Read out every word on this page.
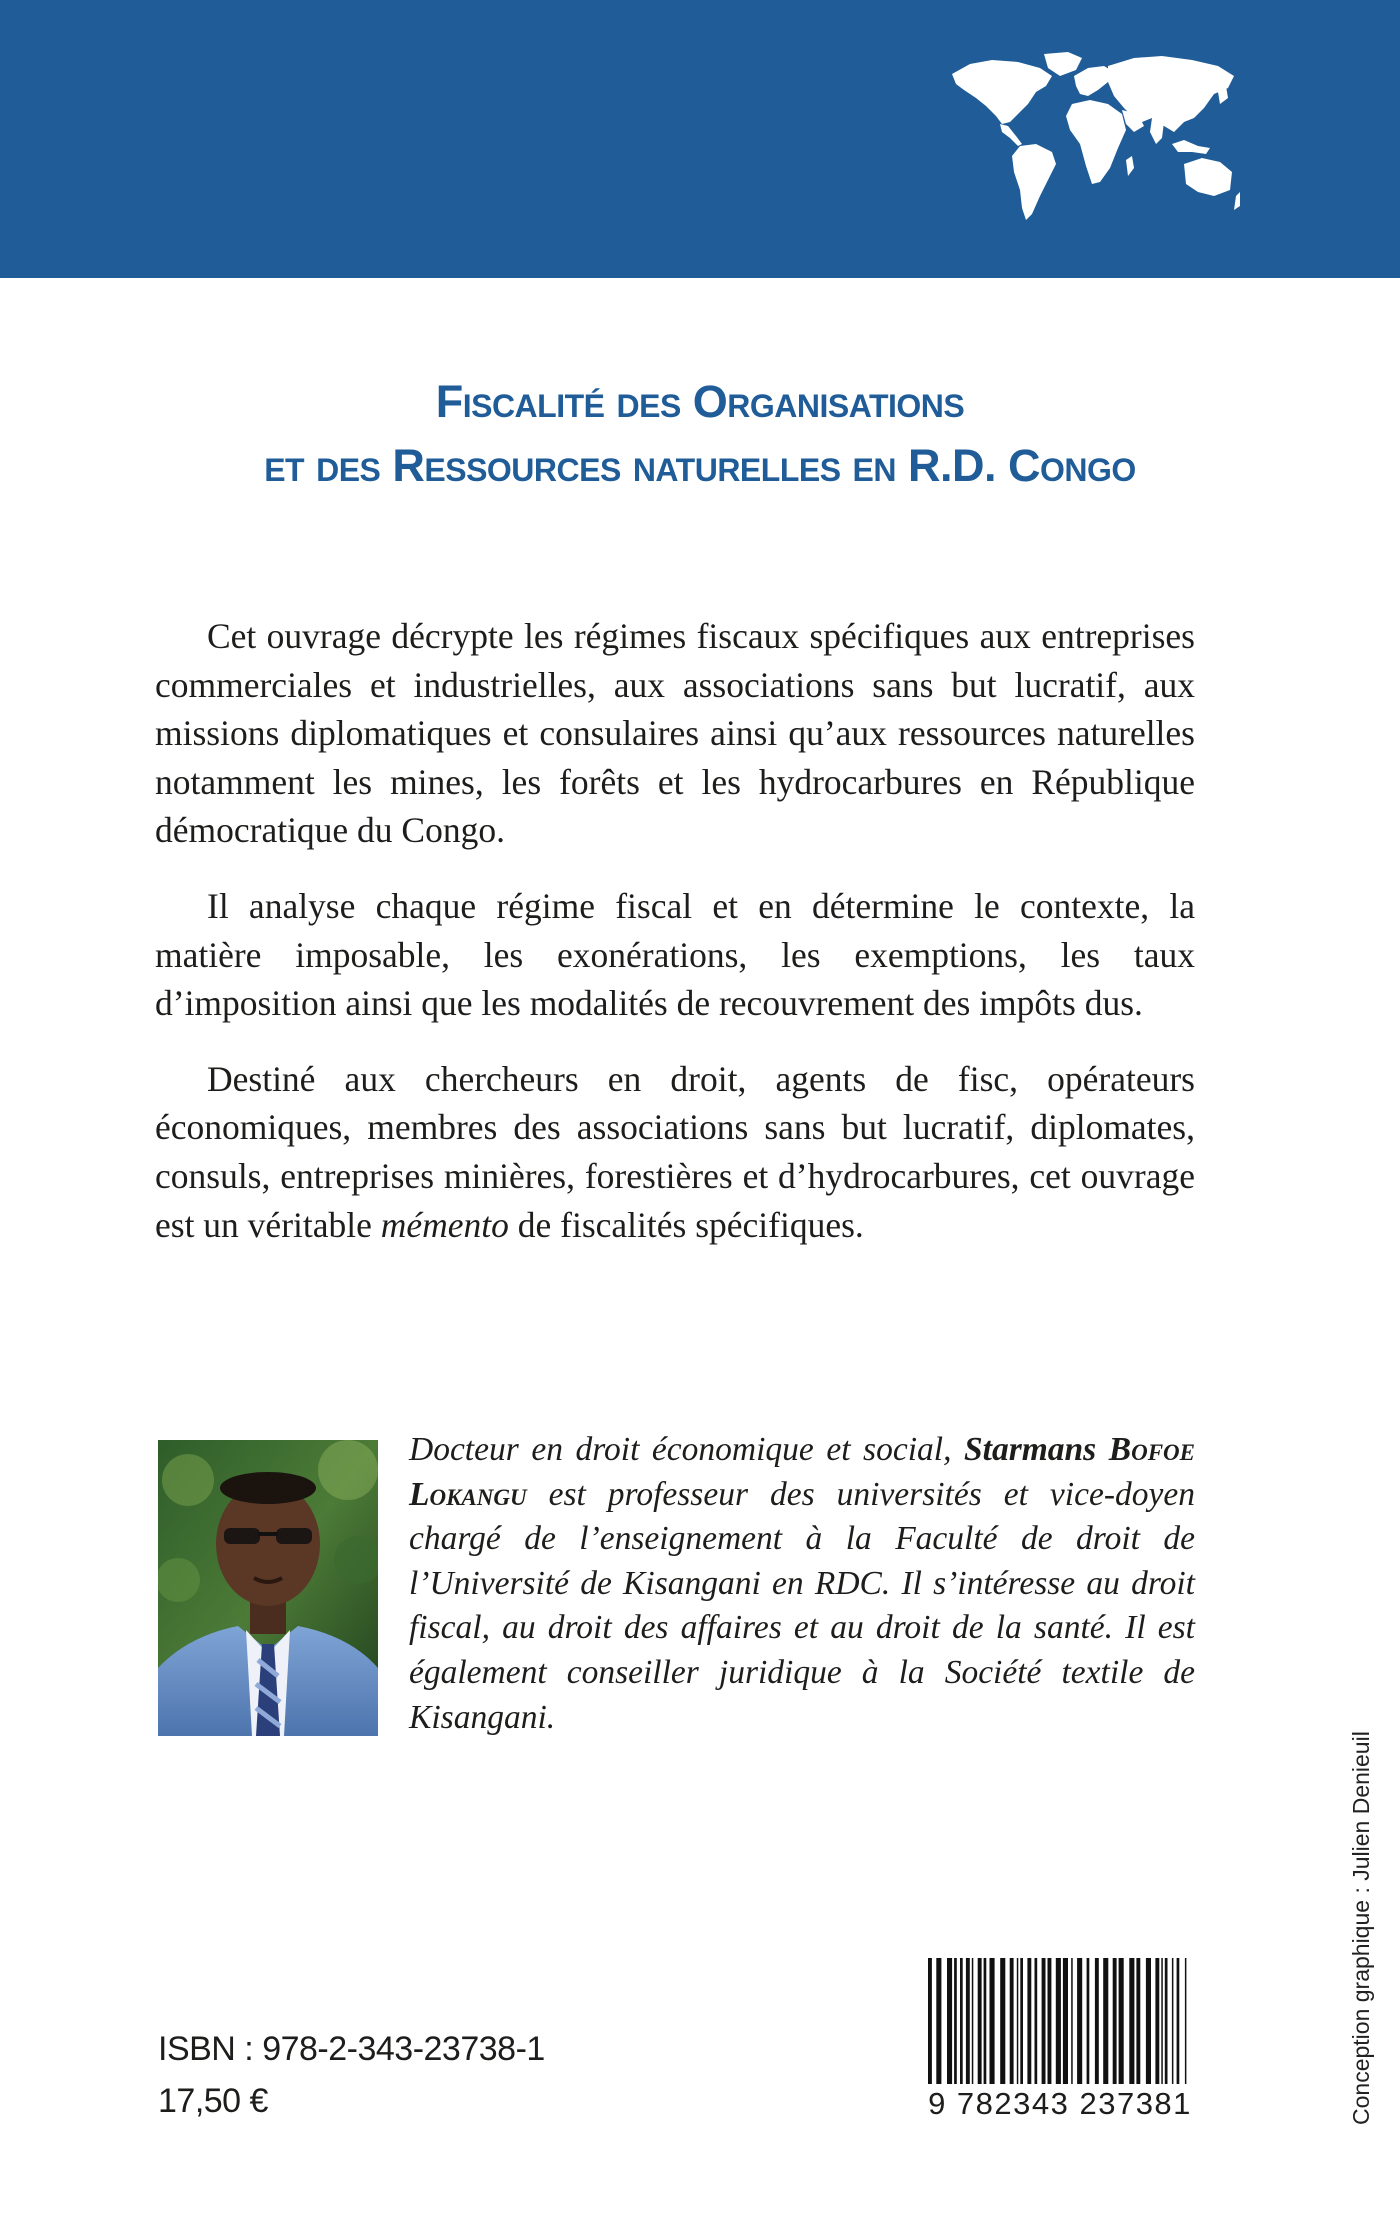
Fiscalité des Organisations
et des Ressources naturelles en R.D. Congo

Cet ouvrage décrypte les régimes fiscaux spécifiques aux entreprises commerciales et industrielles, aux associations sans but lucratif, aux missions diplomatiques et consulaires ainsi qu’aux ressources naturelles notamment les mines, les forêts et les hydrocarbures en République démocratique du Congo.

Il analyse chaque régime fiscal et en détermine le contexte, la matière imposable, les exonérations, les exemptions, les taux d’imposition ainsi que les modalités de recouvrement des impôts dus.

Destiné aux chercheurs en droit, agents de fisc, opérateurs économiques, membres des associations sans but lucratif, diplomates, consuls, entreprises minières, forestières et d’hydrocarbures, cet ouvrage est un véritable mémento de fiscalités spécifiques.

Docteur en droit économique et social, Starmans Bofoe Lokangu est professeur des universités et vice-doyen chargé de l’enseignement à la Faculté de droit de l’Université de Kisangani en RDC. Il s’intéresse au droit fiscal, au droit des affaires et au droit de la santé. Il est également conseiller juridique à la Société textile de Kisangani.
ISBN : 978-2-343-23738-1
17,50 €	9 782343 237381	Conception graphique : Julien Denieuil
